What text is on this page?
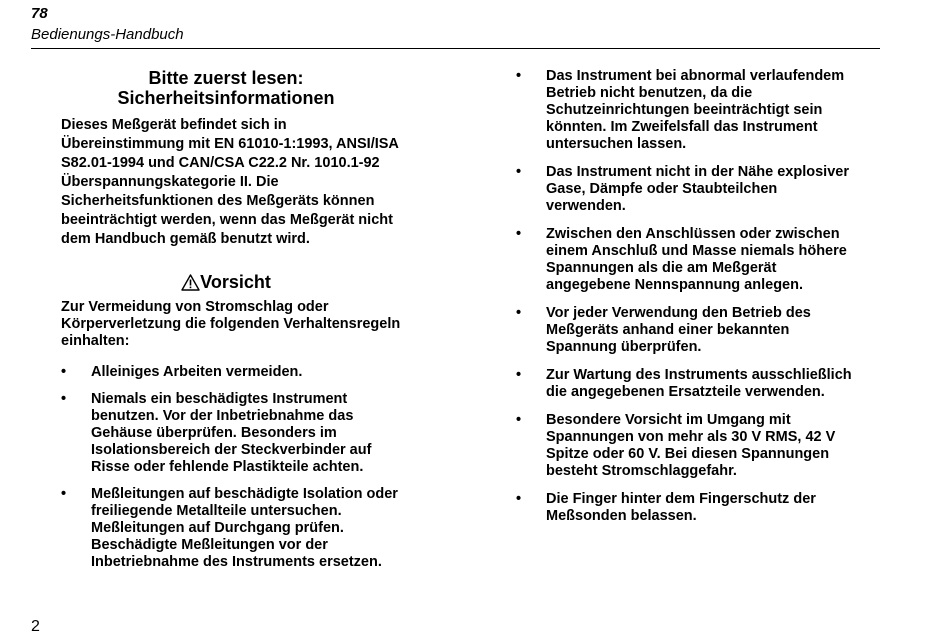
78
Bedienungs-Handbuch
Bitte zuerst lesen:
Sicherheitsinformationen

Dieses Meßgerät befindet sich in Übereinstimmung mit EN 61010-1:1993, ANSI/ISA S82.01-1994 und CAN/CSA C22.2 Nr. 1010.1-92 Überspannungskategorie II. Die Sicherheitsfunktionen des Meßgeräts können beeinträchtigt werden, wenn das Meßgerät nicht dem Handbuch gemäß benutzt wird.

Vorsicht

Zur Vermeidung von Stromschlag oder Körperverletzung die folgenden Verhaltensregeln einhalten:

• Alleiniges Arbeiten vermeiden.
• Niemals ein beschädigtes Instrument benutzen. Vor der Inbetriebnahme das Gehäuse überprüfen. Besonders im Isolationsbereich der Steckverbinder auf Risse oder fehlende Plastikteile achten.
• Meßleitungen auf beschädigte Isolation oder freiliegende Metallteile untersuchen. Meßleitungen auf Durchgang prüfen. Beschädigte Meßleitungen vor der Inbetriebnahme des Instruments ersetzen.
• Das Instrument bei abnormal verlaufendem Betrieb nicht benutzen, da die Schutzeinrichtungen beeinträchtigt sein könnten. Im Zweifelsfall das Instrument untersuchen lassen.
• Das Instrument nicht in der Nähe explosiver Gase, Dämpfe oder Staubteilchen verwenden.
• Zwischen den Anschlüssen oder zwischen einem Anschluß und Masse niemals höhere Spannungen als die am Meßgerät angegebene Nennspannung anlegen.
• Vor jeder Verwendung den Betrieb des Meßgeräts anhand einer bekannten Spannung überprüfen.
• Zur Wartung des Instruments ausschließlich die angegebenen Ersatzteile verwenden.
• Besondere Vorsicht im Umgang mit Spannungen von mehr als 30 V RMS, 42 V Spitze oder 60 V. Bei diesen Spannungen besteht Stromschlaggefahr.
• Die Finger hinter dem Fingerschutz der Meßsonden belassen.
2
